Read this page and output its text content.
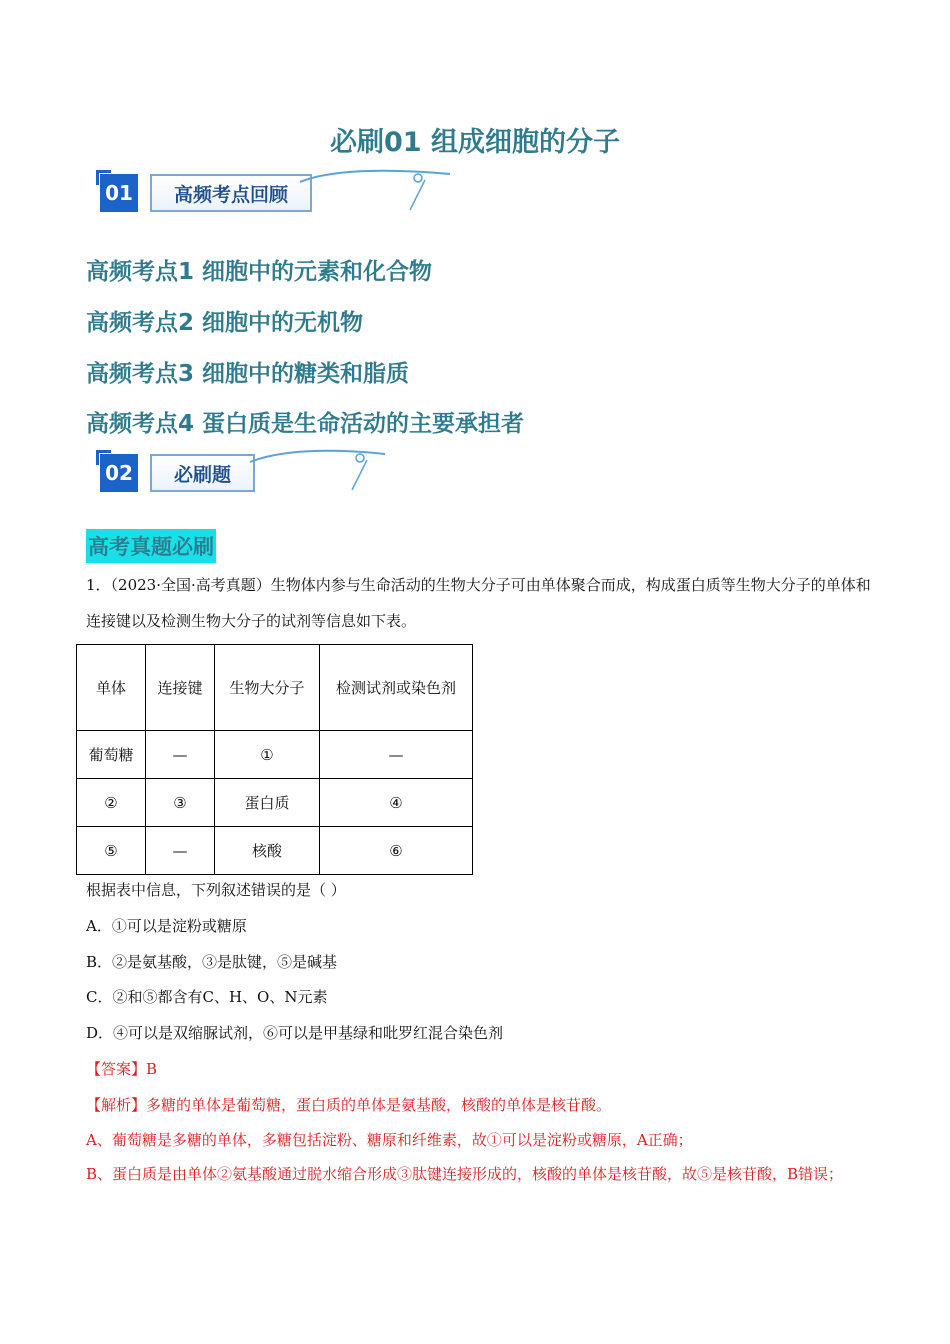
必刷01 组成细胞的分子
01	高频考点回顾
高频考点1 细胞中的元素和化合物
高频考点2 细胞中的无机物
高频考点3 细胞中的糖类和脂质
高频考点4 蛋白质是生命活动的主要承担者
02	必刷题
高考真题必刷
1．（2023·全国·高考真题）生物体内参与生命活动的生物大分子可由单体聚合而成，构成蛋白质等生物大分子的单体和连接键以及检测生物大分子的试剂等信息如下表。
单体	连接键	生物大分子	检测试剂或染色剂
葡萄糖	—	①	—
②	③	蛋白质	④
⑤	—	核酸	⑥
根据表中信息，下列叙述错误的是（ ）
A．①可以是淀粉或糖原
B．②是氨基酸，③是肽键，⑤是碱基
C．②和⑤都含有C、H、O、N元素
D．④可以是双缩脲试剂，⑥可以是甲基绿和吡罗红混合染色剂
【答案】B
【解析】多糖的单体是葡萄糖，蛋白质的单体是氨基酸，核酸的单体是核苷酸。
A、葡萄糖是多糖的单体，多糖包括淀粉、糖原和纤维素，故①可以是淀粉或糖原，A正确；
B、蛋白质是由单体②氨基酸通过脱水缩合形成③肽键连接形成的，核酸的单体是核苷酸，故⑤是核苷酸，B错误；
